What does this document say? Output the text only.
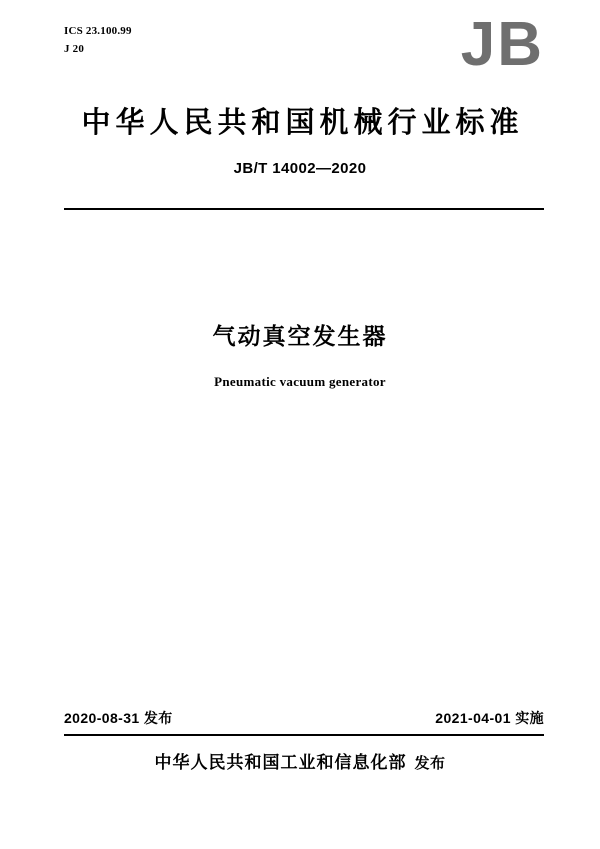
ICS 23.100.99
J 20	JB
中华人民共和国机械行业标准
JB/T 14002—2020
气动真空发生器
Pneumatic vacuum generator
2020-08-31 发布	2021-04-01 实施
中华人民共和国工业和信息化部 发布
